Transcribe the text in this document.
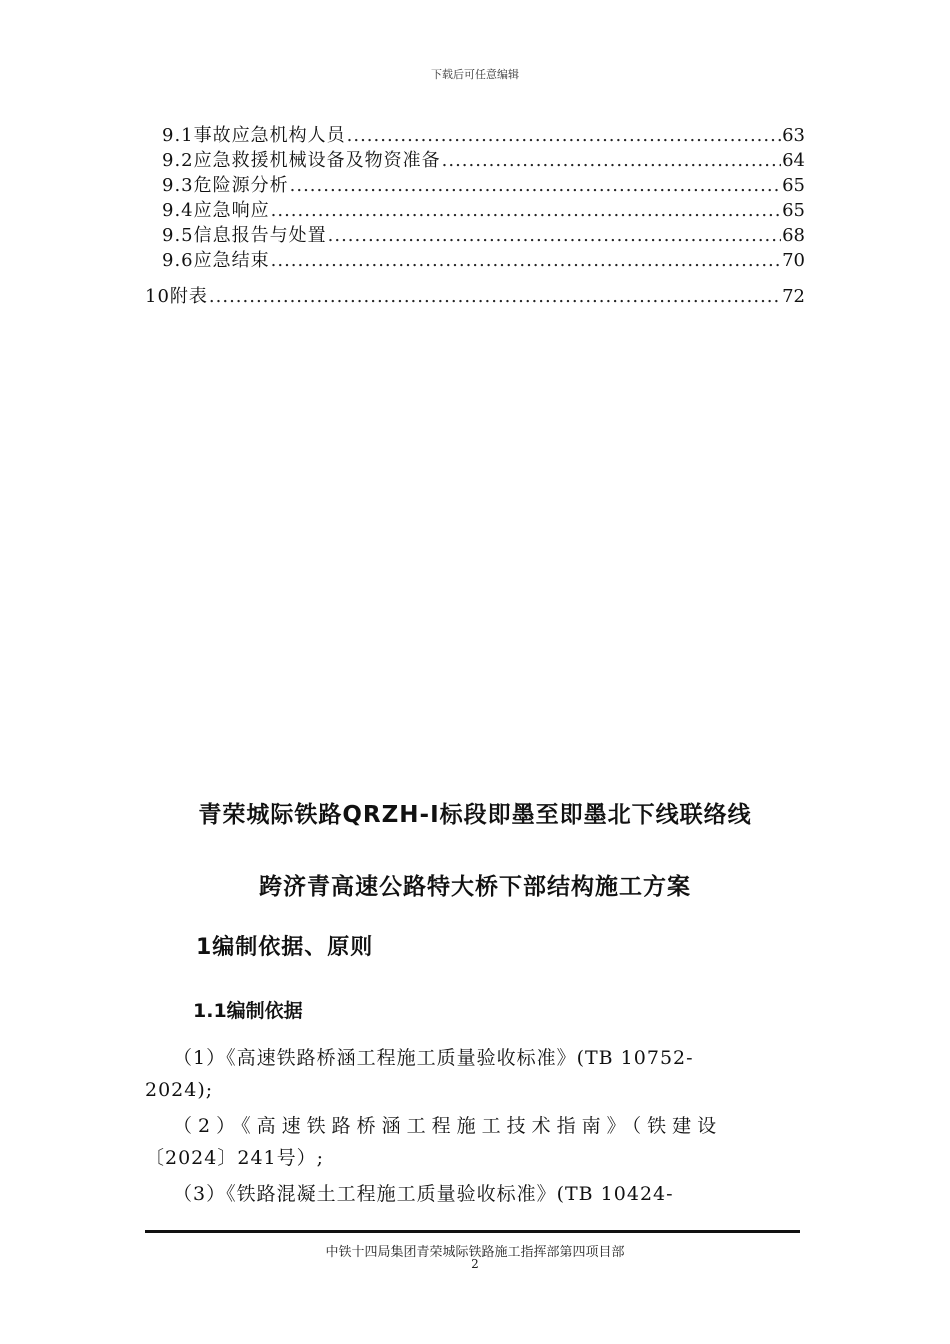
下载后可任意编辑
9.1事故应急机构人员 .....	63
9.2应急救援机械设备及物资准备 .....	64
9.3危险源分析 .....	65
9.4应急响应 .....	65
9.5信息报告与处置 .....	68
9.6应急结束 .....	70
10附表 .....	72
青荣城际铁路QRZH-Ⅰ标段即墨至即墨北下线联络线
跨济青高速公路特大桥下部结构施工方案
1编制依据、原则
1.1编制依据
（1）《高速铁路桥涵工程施工质量验收标准》(TB 10752-
2024);
（2）《高速铁路桥涵工程施工技术指南》（铁建设
〔2024〕241号）;
（3）《铁路混凝土工程施工质量验收标准》(TB 10424-
中铁十四局集团青荣城际铁路施工指挥部第四项目部
2
